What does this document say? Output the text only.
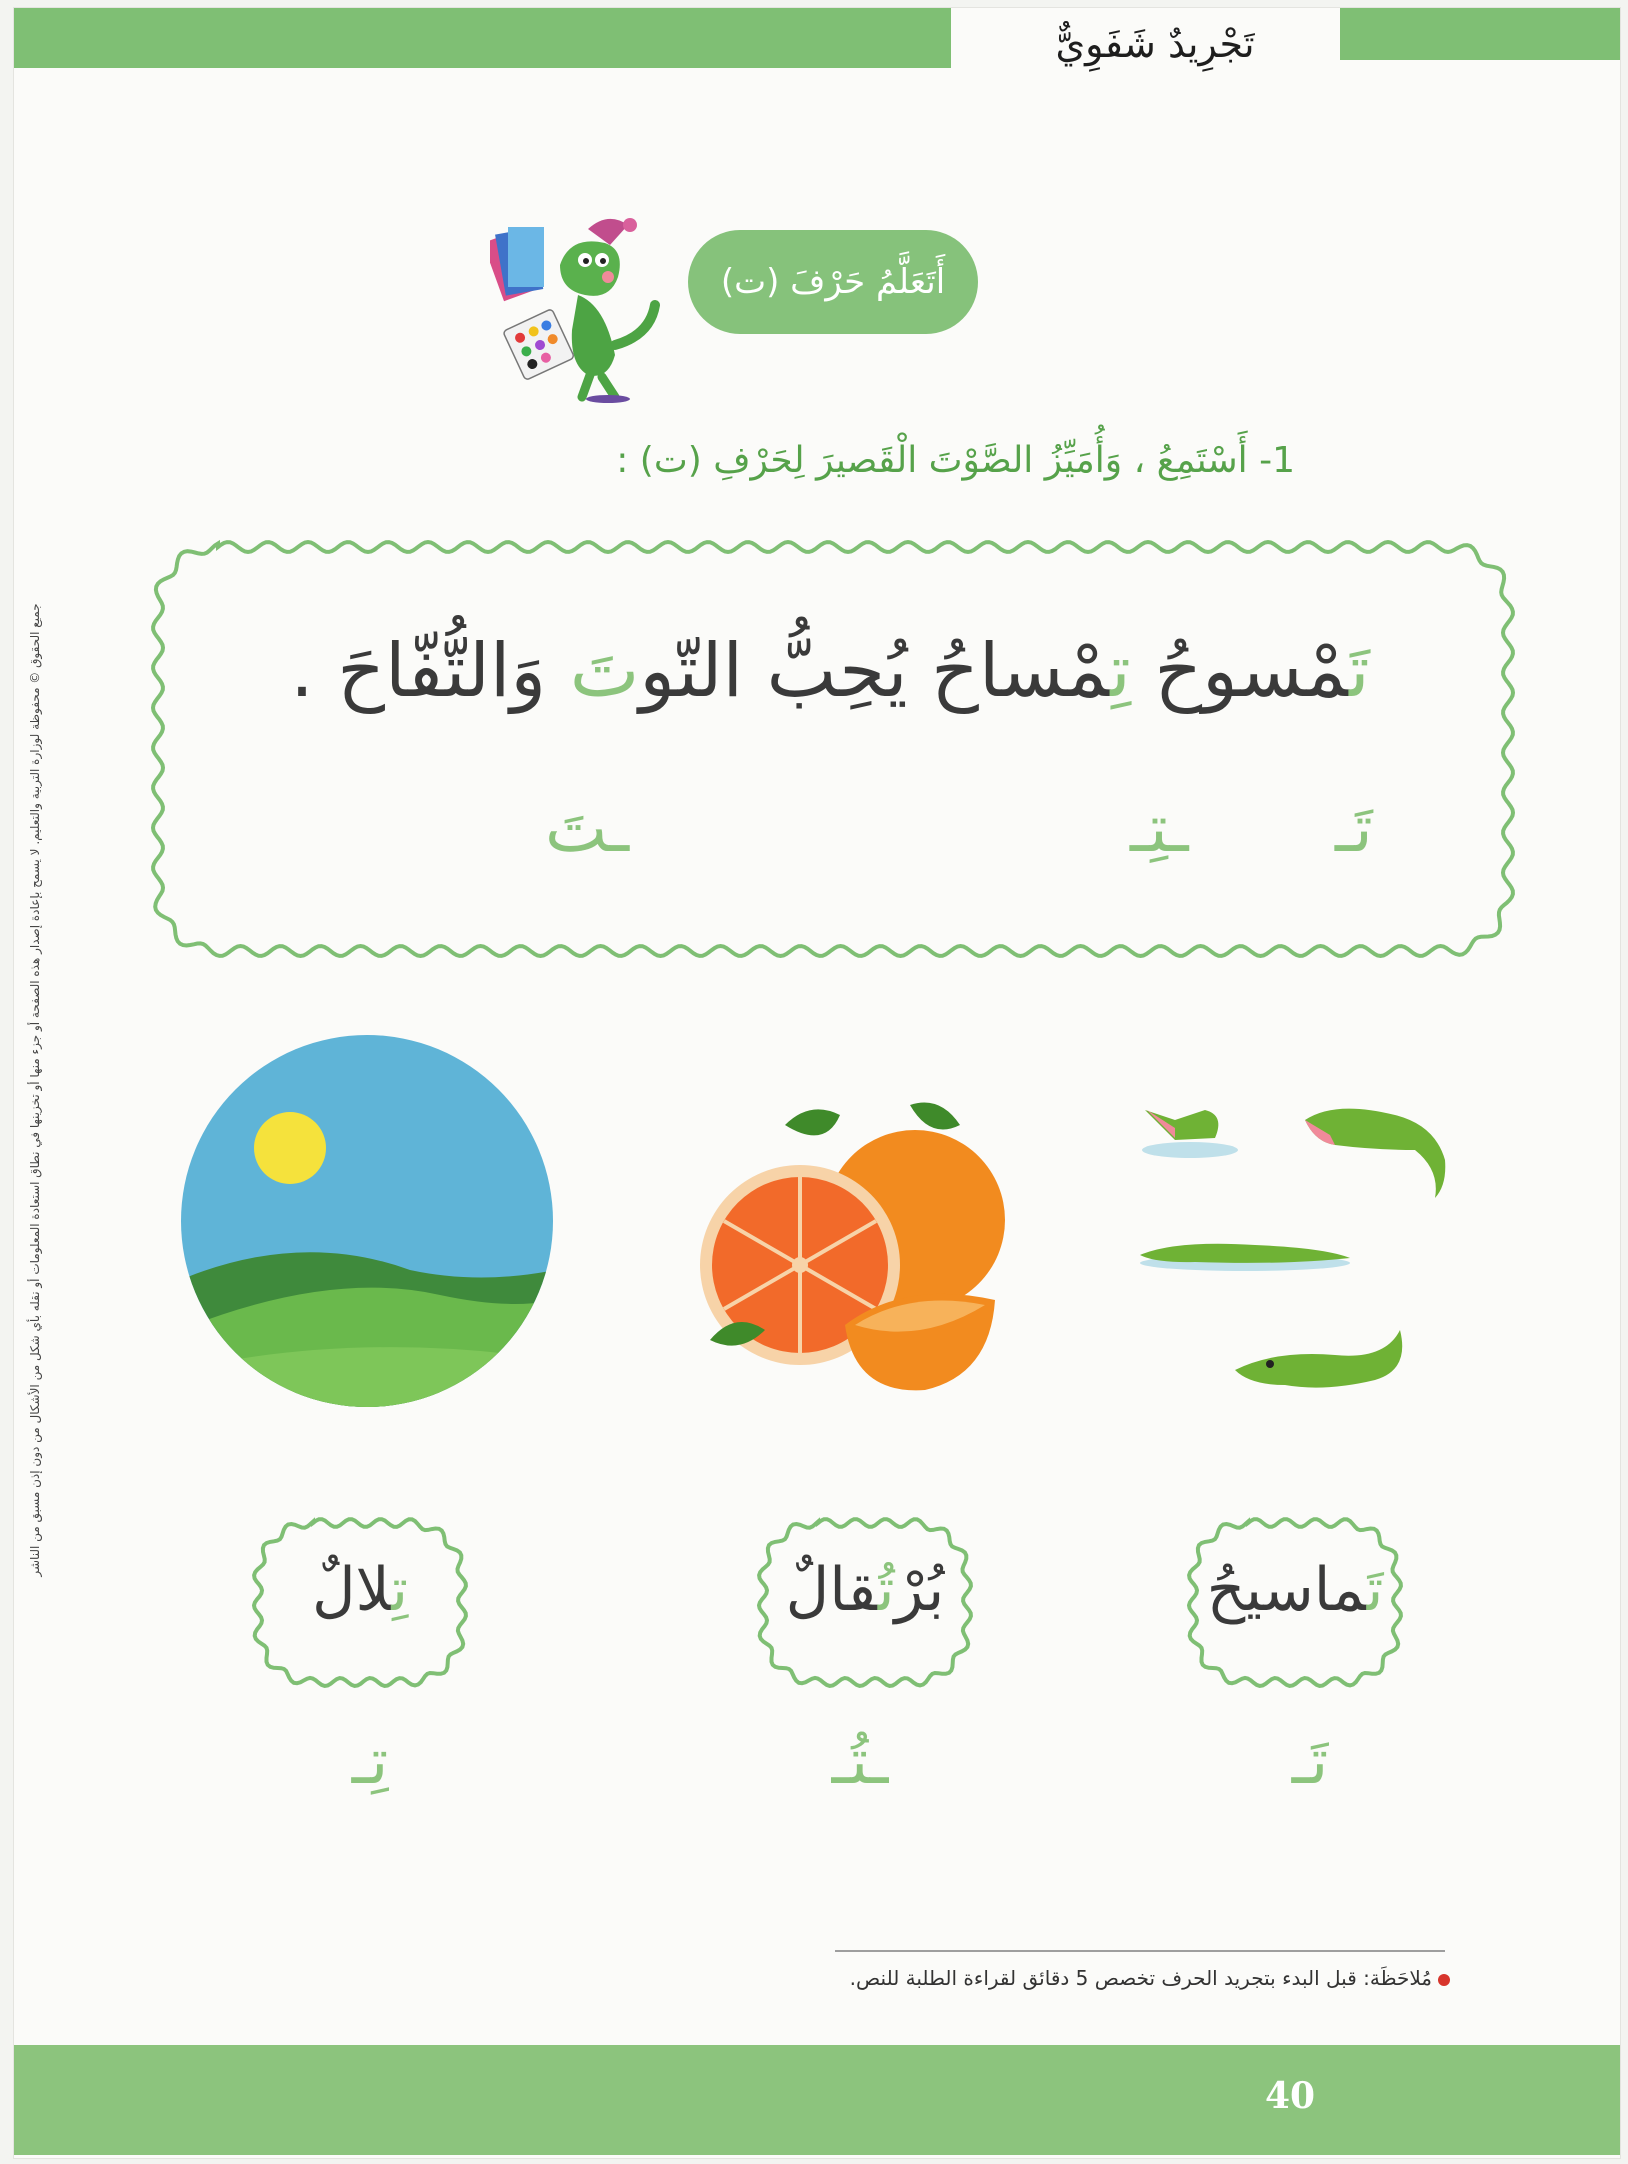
تَجْرِيدٌ شَفَوِيٌّ
جميع الحقوق © محفوظة لوزارة التربية والتعليم. لا يسمح بإعادة إصدار هذه الصفحة أو جزء منها أو تخزينها في نطاق استعادة المعلومات أو نقله بأي شكل من الأشكال من دون إذن مسبق من الناشر
أَتَعَلَّمُ حَرْفَ (ت)
1- أَسْتَمِعُ ، وَأُمَيِّزُ الصَّوْتَ الْقَصيرَ لِحَرْفِ (ت) :
تَمْسوحُ تِمْساحُ يُحِبُّ التّوتَ وَالتُّفّاحَ .
تَـ
ـتِـ
ـتَ
تَماسيحُ
بُرْتُقالٌ
تِلالٌ
تَـ
ـتُـ
تِـ
مُلاحَظَة: قبل البدء بتجريد الحرف تخصص 5 دقائق لقراءة الطلبة للنص.
40
